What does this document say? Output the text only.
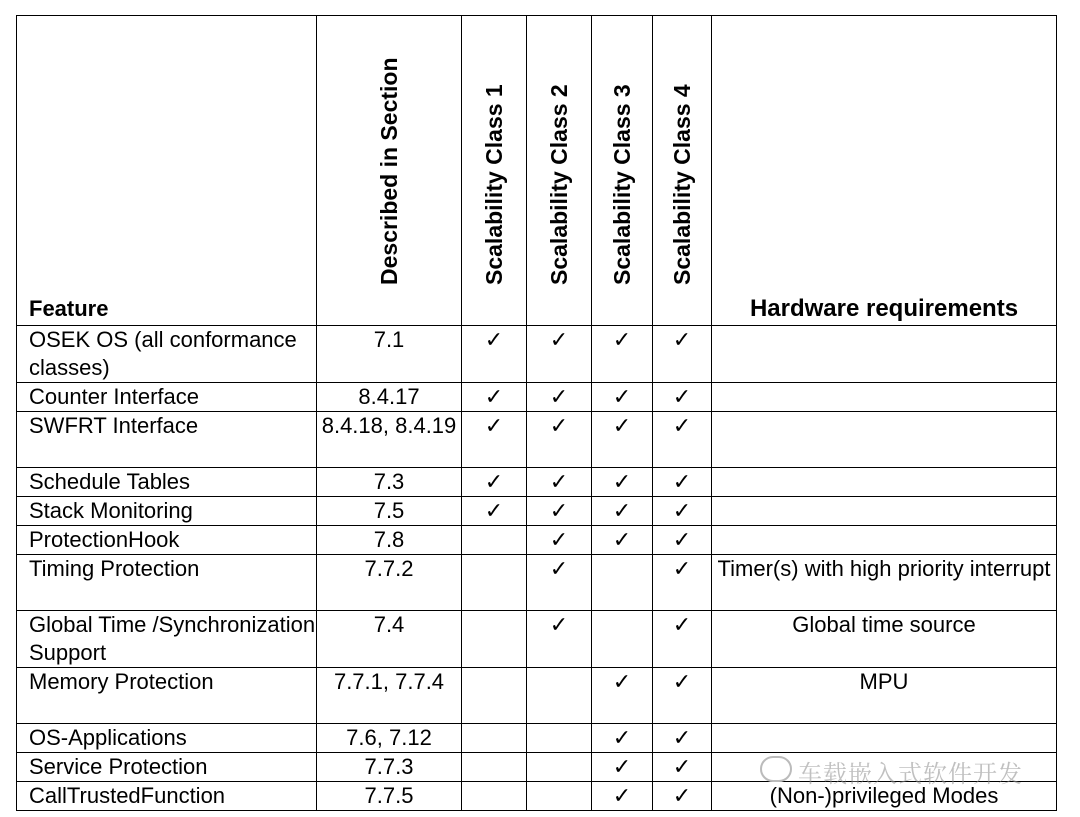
Feature	Described in Section	Scalability Class 1	Scalability Class 2	Scalability Class 3	Scalability Class 4	Hardware requirements
OSEK OS (all conformance classes)	7.1	✓	✓	✓	✓	
Counter Interface	8.4.17	✓	✓	✓	✓	
SWFRT Interface	8.4.18, 8.4.19	✓	✓	✓	✓	
Schedule Tables	7.3	✓	✓	✓	✓	
Stack Monitoring	7.5	✓	✓	✓	✓	
ProtectionHook	7.8		✓	✓	✓	
Timing Protection	7.7.2		✓		✓	Timer(s) with high priority interrupt
Global Time /Synchronization Support	7.4		✓		✓	Global time source
Memory Protection	7.7.1, 7.7.4			✓	✓	MPU
OS-Applications	7.6, 7.12			✓	✓	
Service Protection	7.7.3			✓	✓	
CallTrustedFunction	7.7.5			✓	✓	(Non-)privileged Modes
车载嵌入式软件开发
